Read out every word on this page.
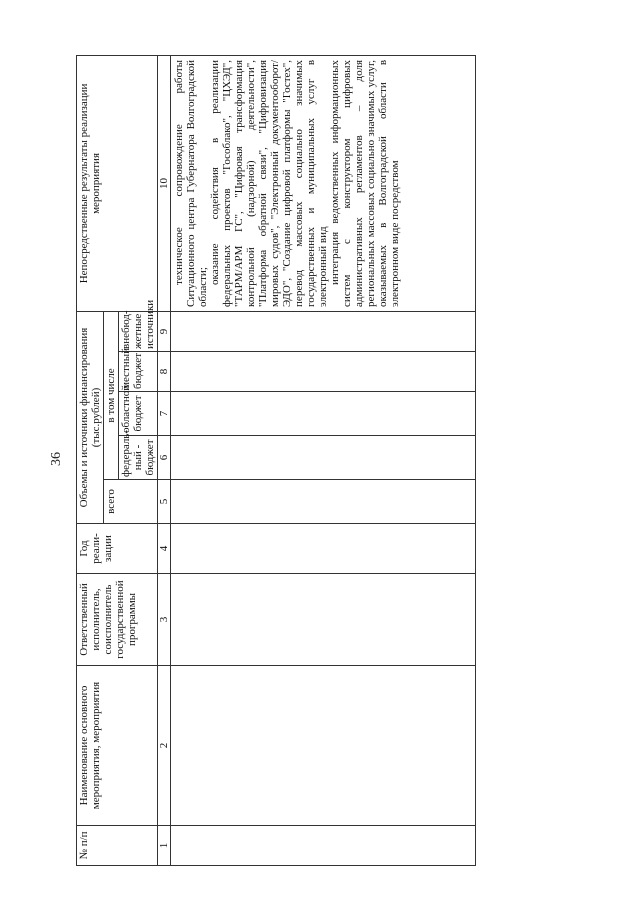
36
№ п/п	Наименование основного мероприятия, мероприятия	Ответственный исполнитель, соисполнитель государственной программы	Год реали- зации	Объемы и источники финансирования (тыс.рублей)					Непосредственные результаты реализации мероприятия
				всего	в том числе				
					федераль- ный - бюджет	областной бюджет	местный бюджет	внебюд- жетные источники	
1	2	3	4	5	6	7	8	9	10

									техническое сопровождение работы Ситуационного центра Губернатора Волгоградской области;

оказание содействия в реализации федеральных проектов "Гособлако", "ЦХЭД", "ТАРМ/АРМ ГС", "Цифровая трансформация контрольной (надзорной) деятельности", "Платформа обратной связи", "Цифровизация мировых судов", "Электронный документооборот/ЭДО", "Создание цифровой платформы "Гостех", перевод массовых социально значимых государственных и муниципальных услуг в электронный вид интеграция ведомственных информационных систем с конструктором цифровых административных регламентов – доля региональных массовых социально значимых услуг, оказываемых в Волгоградской области в электронном виде посредством
